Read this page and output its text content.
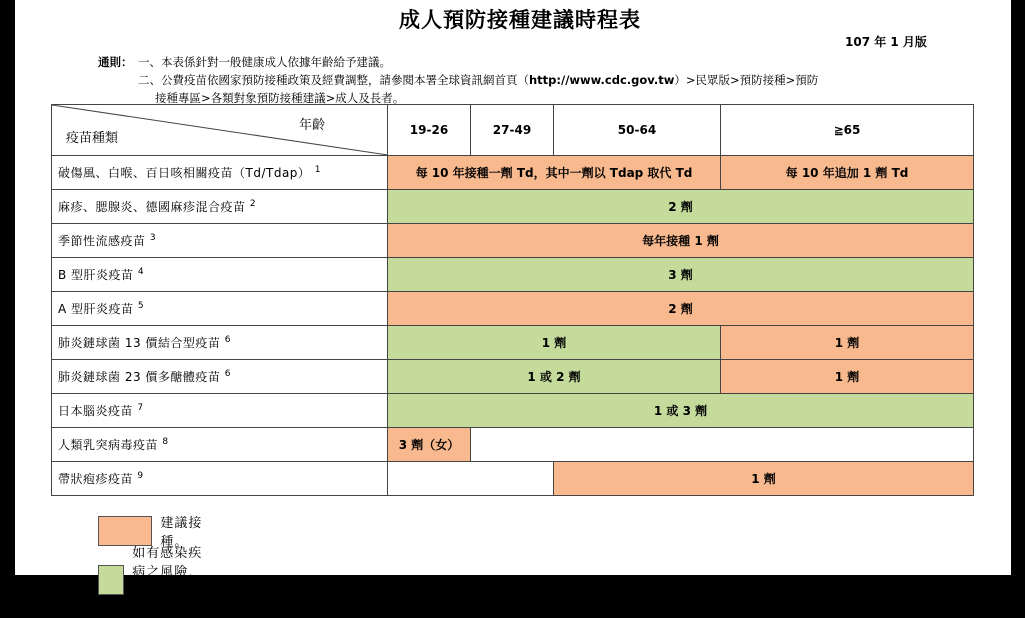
成人預防接種建議時程表
107 年 1 月版
通則： 一、本表係針對一般健康成人依據年齡給予建議。
二、公費疫苗依國家預防接種政策及經費調整，請參閱本署全球資訊網首頁（ http://www.cdc.gov.tw ）>民眾版>預防接種>預防
接種專區>各類對象預防接種建議>成人及長者。
年齡
疫苗種類	19-26	27-49	50-64	≧65
破傷風、白喉、百日咳相關疫苗（Td/Tdap） $^1$	每 10 年接種一劑 Td，其中一劑以 Tdap 取代 Td			每 10 年追加 1 劑 Td
麻疹、腮腺炎、德國麻疹混合疫苗 $^2$	2 劑			
季節性流感疫苗 $^3$	每年接種 1 劑			
B 型肝炎疫苗 $^4$	3 劑			
A 型肝炎疫苗 $^5$	2 劑			
肺炎鏈球菌 13 價結合型疫苗 $^6$	1 劑			1 劑
肺炎鏈球菌 23 價多醣體疫苗 $^6$	1 或 2 劑			1 劑
日本腦炎疫苗 $^7$	1 或 3 劑			
人類乳突病毒疫苗 $^8$	3 劑（女）			
帶狀疱疹疫苗 $^9$			1 劑	
建議接種。
如有感染疾病之風險，可依建議接種。
